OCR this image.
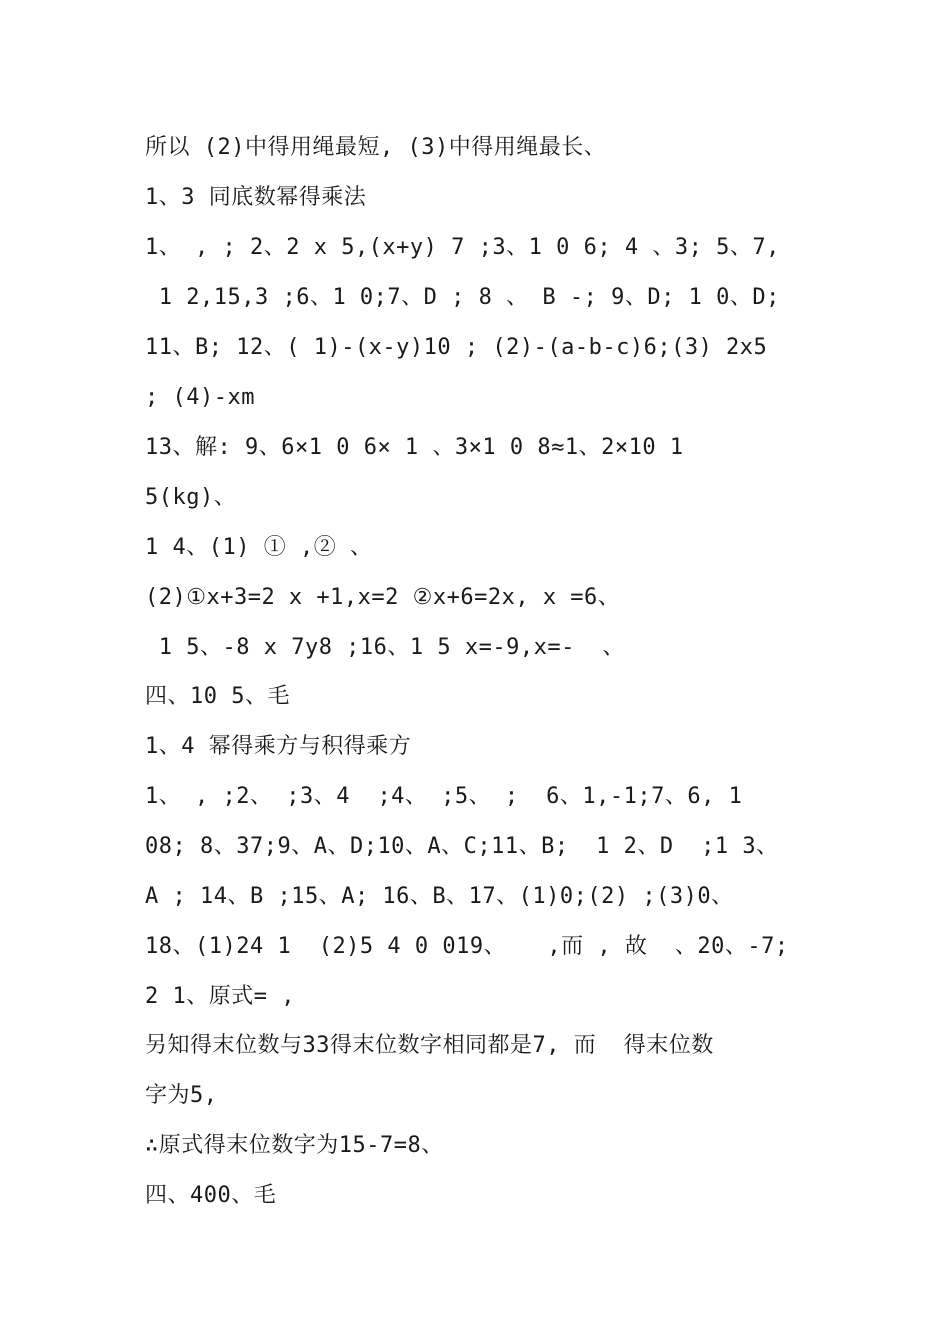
所以 (2)中得用绳最短, (3)中得用绳最长、
1、3 同底数幂得乘法
1、 , ; 2、2 x 5,(x+y) 7 ;3、1 0 6; 4 、3; 5、7,
1 2,15,3 ;6、1 0;7、D ; 8 、 B -; 9、D; 1 0、D;
11、B; 12、( 1)-(x-y)10 ; (2)-(a-b-c)6;(3) 2x5
; (4)-xm
13、解: 9、6×1 0 6× 1 、3×1 0 8≈1、2×10 1
5(kg)、
1 4、(1) ① ,② 、
(2)①x+3=2 x +1,x=2 ②x+6=2x, x =6、
1 5、-8 x 7y8 ;16、1 5 x=-9,x=-  、
四、10 5、毛
1、4 幂得乘方与积得乘方
1、 , ;2、 ;3、4  ;4、 ;5、 ;  6、1,-1;7、6, 1
08; 8、37;9、A、D;10、A、C;11、B;  1 2、D  ;1 3、
A ; 14、B ;15、A; 16、B、17、(1)0;(2) ;(3)0、
18、(1)24 1  (2)5 4 0 019、   ,而 , 故  、20、-7;
2 1、原式= ,
另知得末位数与33得末位数字相同都是7, 而  得末位数
字为5,
∴原式得末位数字为15-7=8、
四、400、毛
